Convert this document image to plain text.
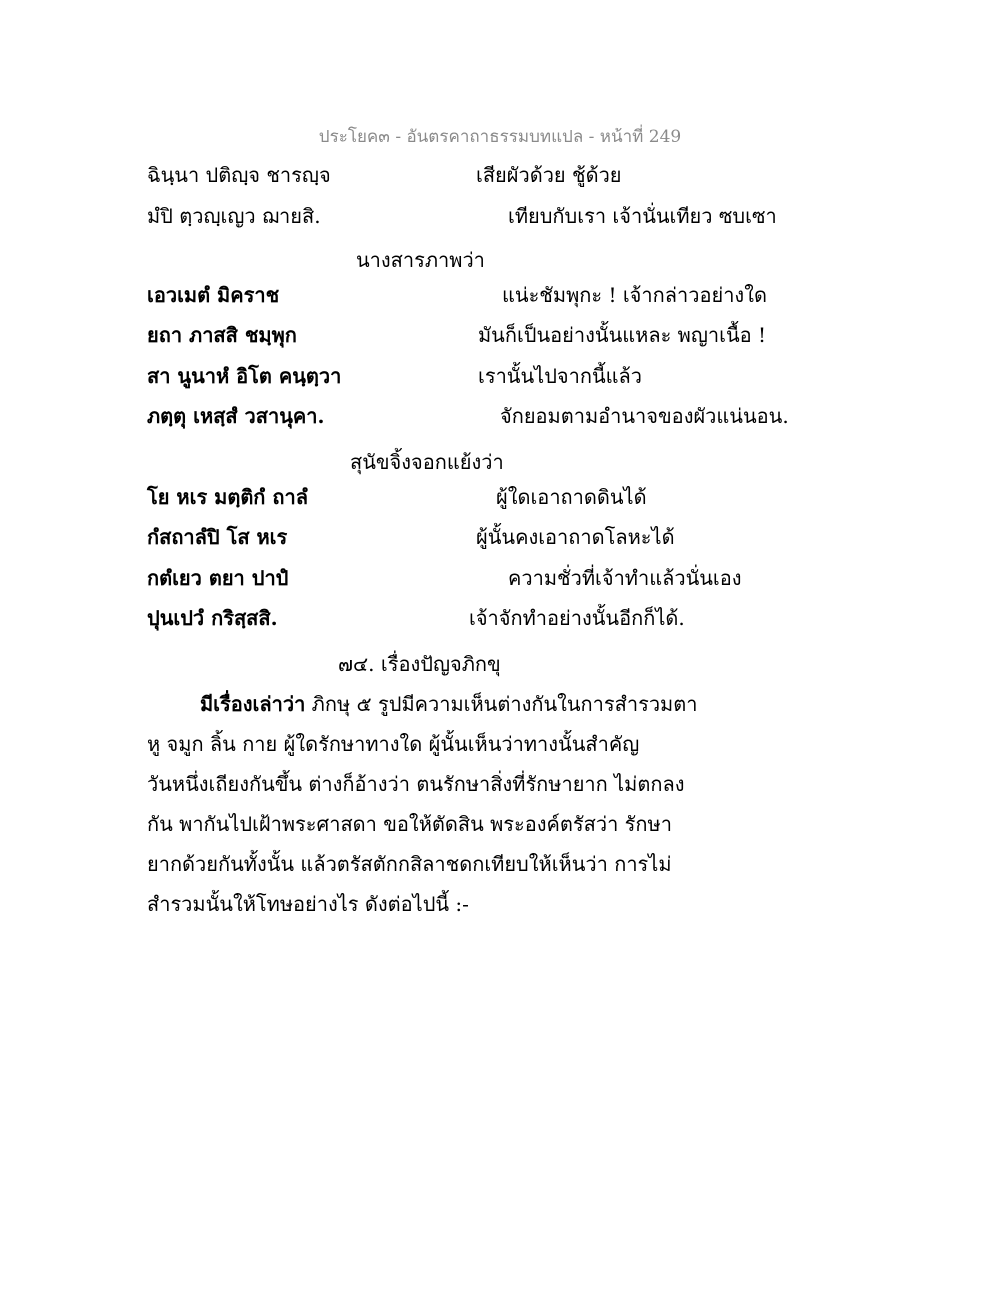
ประโยค๓ - อันตรคาถาธรรมบทแปล - หน้าที่ 249
ฉินฺนา ปติญฺจ ชารญฺจ	เสียผัวด้วย ชู้ด้วย
มํปิ ตฺวญฺเญว ฌายสิ.	เทียบกับเรา เจ้านั่นเทียว ซบเซา
นางสารภาพว่า
เอวเมตํ มิคราช	แน่ะชัมพุกะ ! เจ้ากล่าวอย่างใด
ยถา ภาสสิ ชมฺพุก	มันก็เป็นอย่างนั้นแหละ พญาเนื้อ !
สา นูนาหํ อิโต คนฺตฺวา	เรานั้นไปจากนี้แล้ว
ภตฺตุ เหสฺสํ วสานุคา.	จักยอมตามอำนาจของผัวแน่นอน.
สุนัขจิ้งจอกแย้งว่า
โย หเร มตฺติกํ ถาลํ	ผู้ใดเอาถาดดินได้
กํสถาลํปิ โส หเร	ผู้นั้นคงเอาถาดโลหะได้
กตํเยว ตยา ปาปํ	ความชั่วที่เจ้าทำแล้วนั่นเอง
ปุนเปวํ กริสฺสสิ.	เจ้าจักทำอย่างนั้นอีกก็ได้.
๗๔. เรื่องปัญจภิกขุ
มีเรื่องเล่าว่า ภิกษุ ๕ รูปมีความเห็นต่างกันในการสำรวมตา
หู จมูก ลิ้น กาย ผู้ใดรักษาทางใด ผู้นั้นเห็นว่าทางนั้นสำคัญ
วันหนึ่งเถียงกันขึ้น ต่างก็อ้างว่า ตนรักษาสิ่งที่รักษายาก ไม่ตกลง
กัน พากันไปเฝ้าพระศาสดา ขอให้ตัดสิน พระองค์ตรัสว่า รักษา
ยากด้วยกันทั้งนั้น แล้วตรัสตักกสิลาชดกเทียบให้เห็นว่า การไม่
สำรวมนั้นให้โทษอย่างไร ดังต่อไปนี้ :-
